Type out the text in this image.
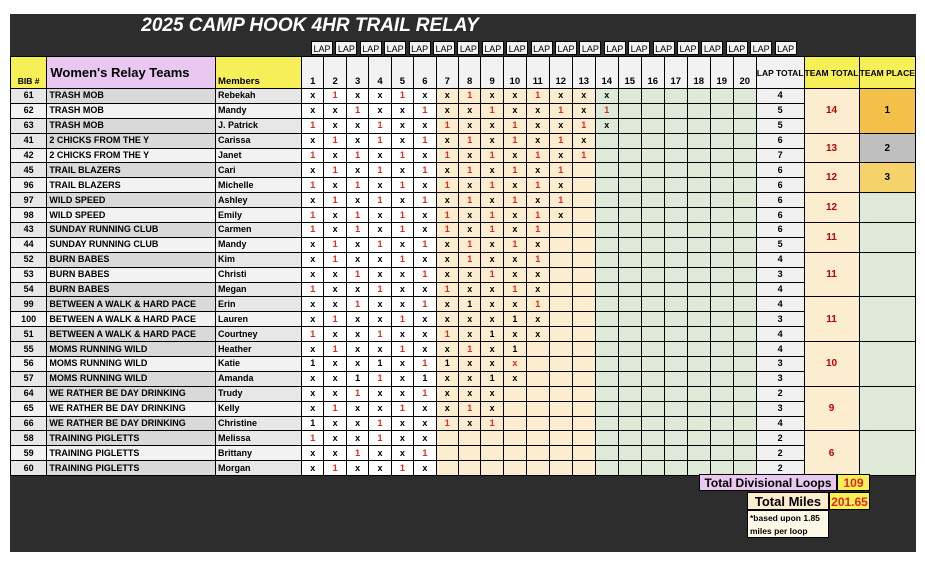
2025 CAMP HOOK 4HR TRAIL RELAY
LAP LAP LAP LAP LAP LAP LAP LAP LAP LAP LAP LAP LAP LAP LAP LAP LAP LAP LAP LAP
BIB #	Women's Relay Teams	Members	1	2	3	4	5	6	7	8	9	10	11	12	13	14	15	16	17	18	19	20	LAP TOTAL	TEAM TOTAL	TEAM PLACE
61	TRASH MOB	Rebekah	x	1	x	x	1	x	x	1	x	x	1	x	x	x							4	14	1
62	TRASH MOB	Mandy	x	x	1	x	x	1	x	x	1	x	x	1	x	1							5		
63	TRASH MOB	J. Patrick	1	x	x	1	x	x	1	x	x	1	x	x	1	x							5		
41	2 CHICKS FROM THE Y	Carissa	x	1	x	1	x	1	x	1	x	1	x	1	x								6	13	2
42	2 CHICKS FROM THE Y	Janet	1	x	1	x	1	x	1	x	1	x	1	x	1								7		
45	TRAIL BLAZERS	Cari	x	1	x	1	x	1	x	1	x	1	x	1									6	12	3
96	TRAIL BLAZERS	Michelle	1	x	1	x	1	x	1	x	1	x	1	x									6		
97	WILD SPEED	Ashley	x	1	x	1	x	1	x	1	x	1	x	1									6	12	
98	WILD SPEED	Emily	1	x	1	x	1	x	1	x	1	x	1	x									6		
43	SUNDAY RUNNING CLUB	Carmen	1	x	1	x	1	x	1	x	1	x	1										6	11	
44	SUNDAY RUNNING CLUB	Mandy	x	1	x	1	x	1	x	1	x	1	x										5		
52	BURN BABES	Kim	x	1	x	x	1	x	x	1	x	x	1										4	11	
53	BURN BABES	Christi	x	x	1	x	x	1	x	x	1	x	x										3		
54	BURN BABES	Megan	1	x	x	1	x	x	1	x	x	1	x										4		
99	BETWEEN A WALK & HARD PACE	Erin	x	x	1	x	x	1	x	1	x	x	1										4	11	
100	BETWEEN A WALK & HARD PACE	Lauren	x	1	x	x	1	x	x	x	x	1	x										3		
51	BETWEEN A WALK & HARD PACE	Courtney	1	x	x	1	x	x	1	x	1	x	x										4		
55	MOMS RUNNING WILD	Heather	x	1	x	x	1	x	x	1	x	1											4	10	
56	MOMS RUNNING WILD	Katie	1	x	x	1	x	1	1	x	x	x											3		
57	MOMS RUNNING WILD	Amanda	x	x	1	1	x	1	x	x	1	x											3		
64	WE RATHER BE DAY DRINKING	Trudy	x	x	1	x	x	1	x	x	x												2	9	
65	WE RATHER BE DAY DRINKING	Kelly	x	1	x	x	1	x	x	1	x												3		
66	WE RATHER BE DAY DRINKING	Christine	1	x	x	1	x	x	1	x	1												4		
58	TRAINING PIGLETTS	Melissa	1	x	x	1	x	x															2	6	
59	TRAINING PIGLETTS	Brittany	x	x	1	x	x	1															2		
60	TRAINING PIGLETTS	Morgan	x	1	x	x	1	x															2		
Total Divisional Loops 109
Total Miles 201.65
*based upon 1.85 miles per loop
